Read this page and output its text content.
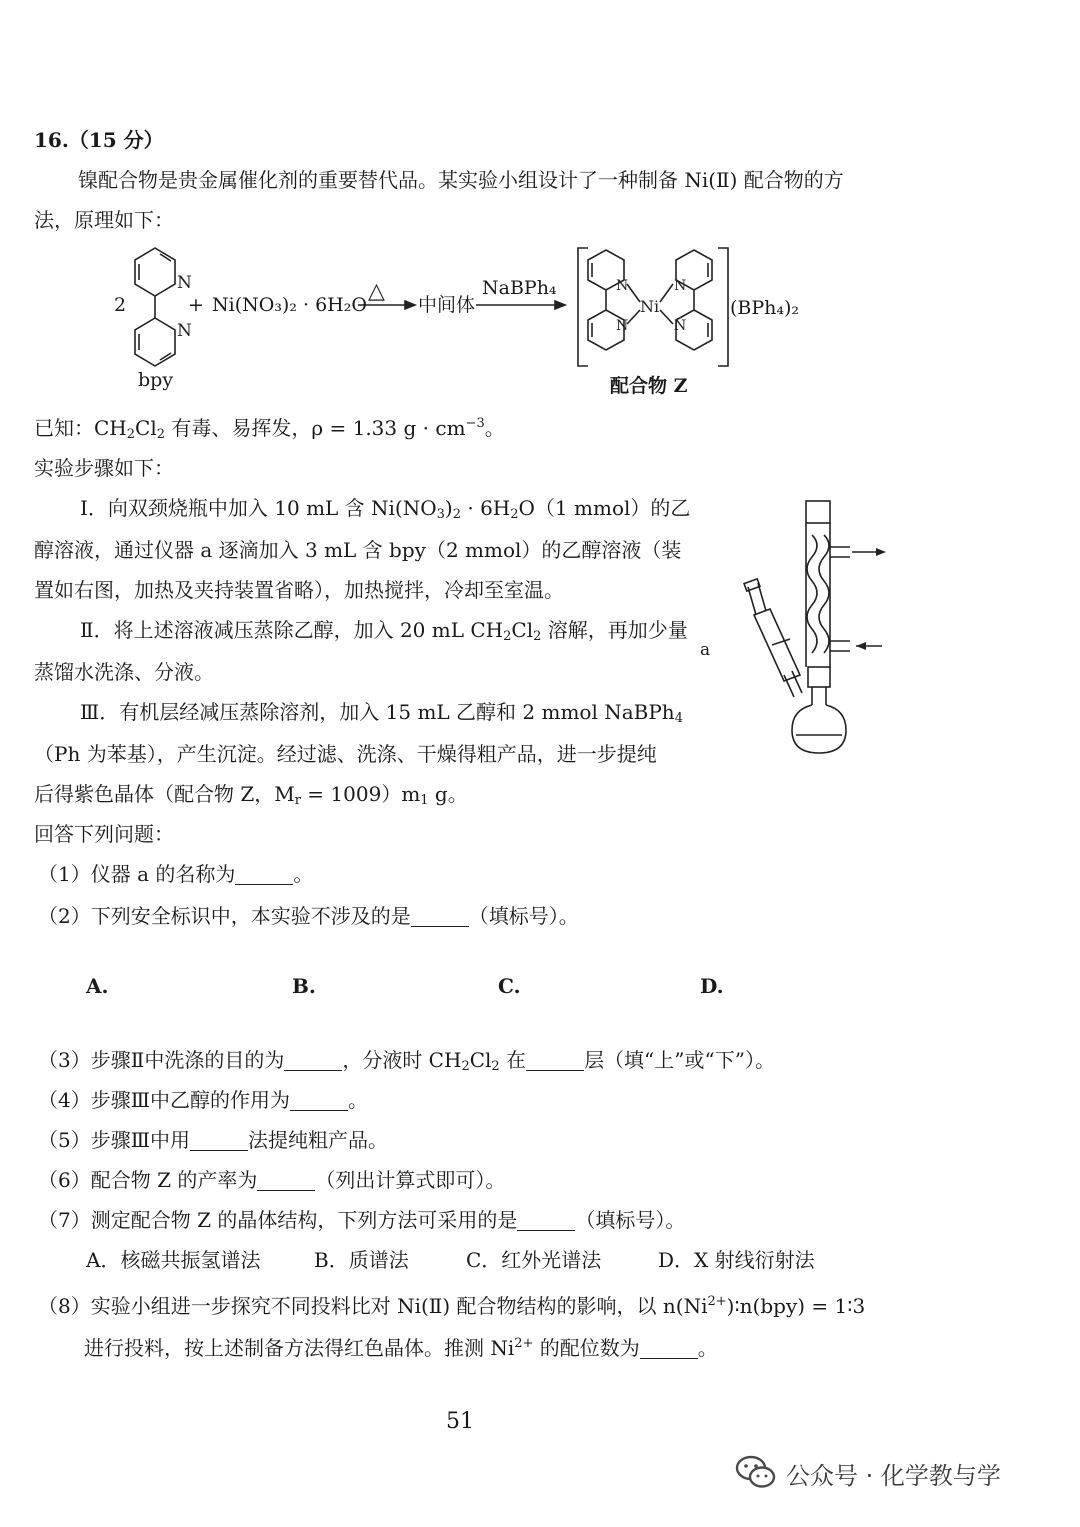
16.（15 分）
镍配合物是贵金属催化剂的重要替代品。某实验小组设计了一种制备 Ni(Ⅱ) 配合物的方
法，原理如下：
N
N
N
N
N
N
Ni
2	+ Ni(NO₃)₂ · 6H₂O
△
中间体
NaBPh₄
bpy
(BPh₄)₂
配合物 Z
已知：$CH_2Cl_2$ 有毒、易挥发，ρ = 1.33 $g \cdot cm^{-3}$。
实验步骤如下：
Ⅰ．向双颈烧瓶中加入 10 mL 含 $Ni(NO_3)_2 \cdot 6H_2O(1$ mmol）的乙
醇溶液，通过仪器 a 逐滴加入 3 mL 含 bpy（2 mmol）的乙醇溶液（装
置如右图，加热及夹持装置省略），加热搅拌，冷却至室温。
Ⅱ．将上述溶液减压蒸除乙醇，加入 20 mL $CH_2Cl_2$ 溶解，再加少量
蒸馏水洗涤、分液。
Ⅲ．有机层经减压蒸除溶剂，加入 15 mL 乙醇和 2 mmol NaBPh$_4$
（Ph 为苯基），产生沉淀。经过滤、洗涤、干燥得粗产品，进一步提纯
后得紫色晶体（配合物 Z，$M_r = 1009)m_1$ g。
a
回答下列问题：
（1）仪器 a 的名称为	。
（2）下列安全标识中，本实验不涉及的是	（填标号）。
A.	B.	C.	D.
（3）步骤Ⅱ中洗涤的目的为	，分液时 $CH_2Cl_2$ 在	层（填“上”或“下”）。
（4）步骤Ⅲ中乙醇的作用为	。
（5）步骤Ⅲ中用	法提纯粗产品。
（6）配合物 Z 的产率为	（列出计算式即可）。
（7）测定配合物 Z 的晶体结构，下列方法可采用的是	（填标号）。
A．核磁共振氢谱法	B．质谱法	C．红外光谱法	D．X 射线衍射法
（8）实验小组进一步探究不同投料比对 Ni(Ⅱ) 配合物结构的影响，以 $n(Ni^{2+})∶n(bpy)$ = 1∶3
进行投料，按上述制备方法得红色晶体。推测 $Ni^{2+}$ 的配位数为	。
51
公众号 · 化学教与学
